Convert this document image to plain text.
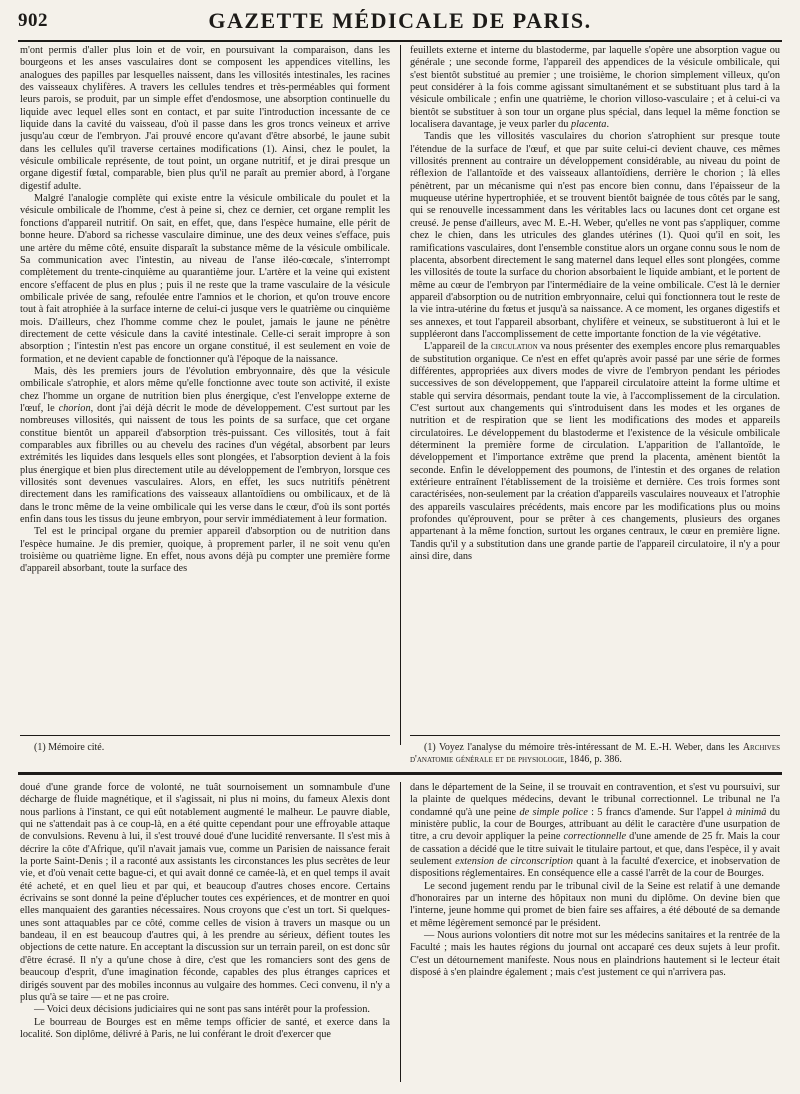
902	GAZETTE MÉDICALE DE PARIS.

m'ont permis d'aller plus loin et de voir, en poursuivant la comparaison, dans les bourgeons et les anses vasculaires dont se composent les appendices vitellins, les analogues des papilles par lesquelles naissent, dans les villosités intestinales, les racines des vaisseaux chylifères. A travers les cellules tendres et très-perméables qui forment leurs parois, se produit, par un simple effet d'endosmose, une absorption continuelle du liquide avec lequel elles sont en contact, et par suite l'introduction incessante de ce liquide dans la cavité du vaisseau, d'où il passe dans les gros troncs veineux et arrive jusqu'au cœur de l'embryon. J'ai prouvé encore qu'avant d'être absorbé, le jaune subit dans les cellules qu'il traverse certaines modifications (1). Ainsi, chez le poulet, la vésicule ombilicale représente, de tout point, un organe nutritif, et je dirai presque un organe digestif fœtal, comparable, bien plus qu'il ne paraît au premier abord, à l'organe digestif adulte.

Malgré l'analogie complète qui existe entre la vésicule ombilicale du poulet et la vésicule ombilicale de l'homme, c'est à peine si, chez ce dernier, cet organe remplit les fonctions d'appareil nutritif. On sait, en effet, que, dans l'espèce humaine, elle périt de bonne heure. D'abord sa richesse vasculaire diminue, une des deux veines s'efface, puis une artère du même côté, ensuite disparaît la substance même de la vésicule ombilicale. Sa communication avec l'intestin, au niveau de l'anse iléo-cœcale, s'interrompt complètement du trente-cinquième au quarantième jour. L'artère et la veine qui existent encore s'effacent de plus en plus ; puis il ne reste que la trame vasculaire de la vésicule ombilicale privée de sang, refoulée entre l'amnios et le chorion, et qu'on trouve encore tout à fait atrophiée à la surface interne de celui-ci jusque vers le quatrième ou cinquième mois. D'ailleurs, chez l'homme comme chez le poulet, jamais le jaune ne pénètre directement de cette vésicule dans la cavité intestinale. Celle-ci serait impropre à son absorption ; l'intestin n'est pas encore un organe constitué, il est seulement en voie de formation, et ne devient capable de fonctionner qu'à l'époque de la naissance.

Mais, dès les premiers jours de l'évolution embryonnaire, dès que la vésicule ombilicale s'atrophie, et alors même qu'elle fonctionne avec toute son activité, il existe chez l'homme un organe de nutrition bien plus énergique, c'est l'enveloppe externe de l'œuf, le chorion, dont j'ai déjà décrit le mode de développement. C'est surtout par les nombreuses villosités, qui naissent de tous les points de sa surface, que cet organe constitue bientôt un appareil d'absorption très-puissant. Ces villosités, tout à fait comparables aux fibrilles ou au chevelu des racines d'un végétal, absorbent par leurs extrémités les liquides dans lesquels elles sont plongées, et l'absorption devient à la fois plus énergique et bien plus directement utile au développement de l'embryon, lorsque ces villosités sont devenues vasculaires. Alors, en effet, les sucs nutritifs pénètrent directement dans les ramifications des vaisseaux allantoïdiens ou ombilicaux, et de là dans le tronc même de la veine ombilicale qui les verse dans le cœur, d'où ils sont portés enfin dans tous les tissus du jeune embryon, pour servir immédiatement à leur formation.

Tel est le principal organe du premier appareil d'absorption ou de nutrition dans l'espèce humaine. Je dis premier, quoique, à proprement parler, il ne soit venu qu'en troisième ou quatrième ligne. En effet, nous avons déjà pu compter une première forme d'appareil absorbant, toute la surface des

feuillets externe et interne du blastoderme, par laquelle s'opère une absorption vague ou générale ; une seconde forme, l'appareil des appendices de la vésicule ombilicale, qui s'est bientôt substitué au premier ; une troisième, le chorion simplement villeux, qu'on peut considérer à la fois comme agissant simultanément et se substituant plus tard à la vésicule ombilicale ; enfin une quatrième, le chorion villoso-vasculaire ; et à celui-ci va bientôt se substituer à son tour un organe plus spécial, dans lequel la même fonction se localisera davantage, je veux parler du placenta.

Tandis que les villosités vasculaires du chorion s'atrophient sur presque toute l'étendue de la surface de l'œuf, et que par suite celui-ci devient chauve, ces mêmes villosités prennent au contraire un développement considérable, au niveau du point de réflexion de l'allantoïde et des vaisseaux allantoïdiens, derrière le chorion ; là elles pénètrent, par un mécanisme qui n'est pas encore bien connu, dans l'épaisseur de la muqueuse utérine hypertrophiée, et se trouvent bientôt baignée de tous côtés par le sang, qui se renouvelle incessamment dans les véritables lacs ou lacunes dont cet organe est creusé. Je pense d'ailleurs, avec M. E.-H. Weber, qu'elles ne vont pas s'appliquer, comme chez le chien, dans les utricules des glandes utérines (1). Quoi qu'il en soit, les ramifications vasculaires, dont l'ensemble constitue alors un organe connu sous le nom de placenta, absorbent directement le sang maternel dans lequel elles sont plongées, comme les villosités de toute la surface du chorion absorbaient le liquide ambiant, et le portent de même au cœur de l'embryon par l'intermédiaire de la veine ombilicale. C'est là le dernier appareil d'absorption ou de nutrition embryonnaire, celui qui fonctionnera tout le reste de la vie intra-utérine du fœtus et jusqu'à sa naissance. A ce moment, les organes digestifs et ses annexes, et tout l'appareil absorbant, chylifère et veineux, se substitueront à lui et le suppléeront dans l'accomplissement de cette importante fonction de la vie végétative.

L'appareil de la circulation va nous présenter des exemples encore plus remarquables de substitution organique. Ce n'est en effet qu'après avoir passé par une série de formes différentes, appropriées aux divers modes de vivre de l'embryon pendant les périodes successives de son développement, que l'appareil circulatoire atteint la forme ultime et stable qui servira désormais, pendant toute la vie, à l'accomplissement de la circulation. C'est surtout aux changements qui s'introduisent dans les modes et les organes de nutrition et de respiration que se lient les modifications des modes et appareils circulatoires. Le développement du blastoderme et l'existence de la vésicule ombilicale déterminent la première forme de circulation. L'apparition de l'allantoïde, le développement et l'importance extrême que prend la placenta, amènent bientôt la seconde. Enfin le développement des poumons, de l'intestin et des organes de relation extérieure entraînent l'établissement de la troisième et dernière. Ces trois formes sont caractérisées, non-seulement par la création d'appareils vasculaires nouveaux et l'atrophie des appareils vasculaires précédents, mais encore par les modifications plus ou moins profondes qu'éprouvent, pour se prêter à ces changements, plusieurs des organes appartenant à la même fonction, surtout les organes centraux, le cœur en première ligne. Tandis qu'il y a substitution dans une grande partie de l'appareil circulatoire, il n'y a pour ainsi dire, dans

(1) Mémoire cité.	(1) Voyez l'analyse du mémoire très-intéressant de M. E.-H. Weber, dans les Archives d'anatomie générale et de physiologie, 1846, p. 386.

doué d'une grande force de volonté, ne tuât sournoisement un somnambule d'une décharge de fluide magnétique, et il s'agissait, ni plus ni moins, du fameux Alexis dont nous parlions à l'instant, ce qui eût notablement augmenté le malheur. Le pauvre diable, qui ne s'attendait pas à ce coup-là, en a été quitte cependant pour une effroyable attaque de convulsions. Revenu à lui, il s'est trouvé doué d'une lucidité renversante. Il s'est mis à décrire la côte d'Afrique, qu'il n'avait jamais vue, comme un Parisien de naissance ferait la porte Saint-Denis ; il a raconté aux assistants les circonstances les plus secrètes de leur vie, et d'où venait cette bague-ci, et qui avait donné ce camée-là, et en quel temps il avait été acheté, et en quel lieu et par qui, et beaucoup d'autres choses encore. Certains écrivains se sont donné la peine d'éplucher toutes ces expériences, et de montrer en quoi elles manquaient des garanties nécessaires. Nous croyons que c'est un tort. Si quelques-unes sont attaquables par ce côté, comme celles de vision à travers un masque ou un bandeau, il en est beaucoup d'autres qui, à les prendre au sérieux, défient toutes les objections de cette nature. En acceptant la discussion sur un terrain pareil, on est donc sûr d'être écrasé. Il n'y a qu'une chose à dire, c'est que les romanciers sont des gens de beaucoup d'esprit, d'une imagination féconde, capables des plus étranges caprices et dirigés souvent par des mobiles inconnus au vulgaire des hommes. Ceci convenu, il n'y a plus qu'à se taire — et ne pas croire.

— Voici deux décisions judiciaires qui ne sont pas sans intérêt pour la profession.

Le bourreau de Bourges est en même temps officier de santé, et exerce dans la localité. Son diplôme, délivré à Paris, ne lui conférant le droit d'exercer que

dans le département de la Seine, il se trouvait en contravention, et s'est vu poursuivi, sur la plainte de quelques médecins, devant le tribunal correctionnel. Le tribunal ne l'a condamné qu'à une peine de simple police : 5 francs d'amende. Sur l'appel à minimâ du ministère public, la cour de Bourges, attribuant au délit le caractère d'une usurpation de titre, a cru devoir appliquer la peine correctionnelle d'une amende de 25 fr. Mais la cour de cassation a décidé que le titre suivait le titulaire partout, et que, dans l'espèce, il y avait seulement extension de circonscription quant à la faculté d'exercice, et inobservation de dispositions réglementaires. En conséquence elle a cassé l'arrêt de la cour de Bourges.

Le second jugement rendu par le tribunal civil de la Seine est relatif à une demande d'honoraires par un interne des hôpitaux non muni du diplôme. On devine bien que l'interne, jeune homme qui promet de bien faire ses affaires, a été débouté de sa demande et même légèrement semoncé par le président.

— Nous aurions volontiers dit notre mot sur les médecins sanitaires et la rentrée de la Faculté ; mais les hautes régions du journal ont accaparé ces deux sujets à leur profit. C'est un détournement manifeste. Nous nous en plaindrions hautement si le lecteur était disposé à s'en plaindre également ; mais c'est justement ce qui n'arrivera pas.
